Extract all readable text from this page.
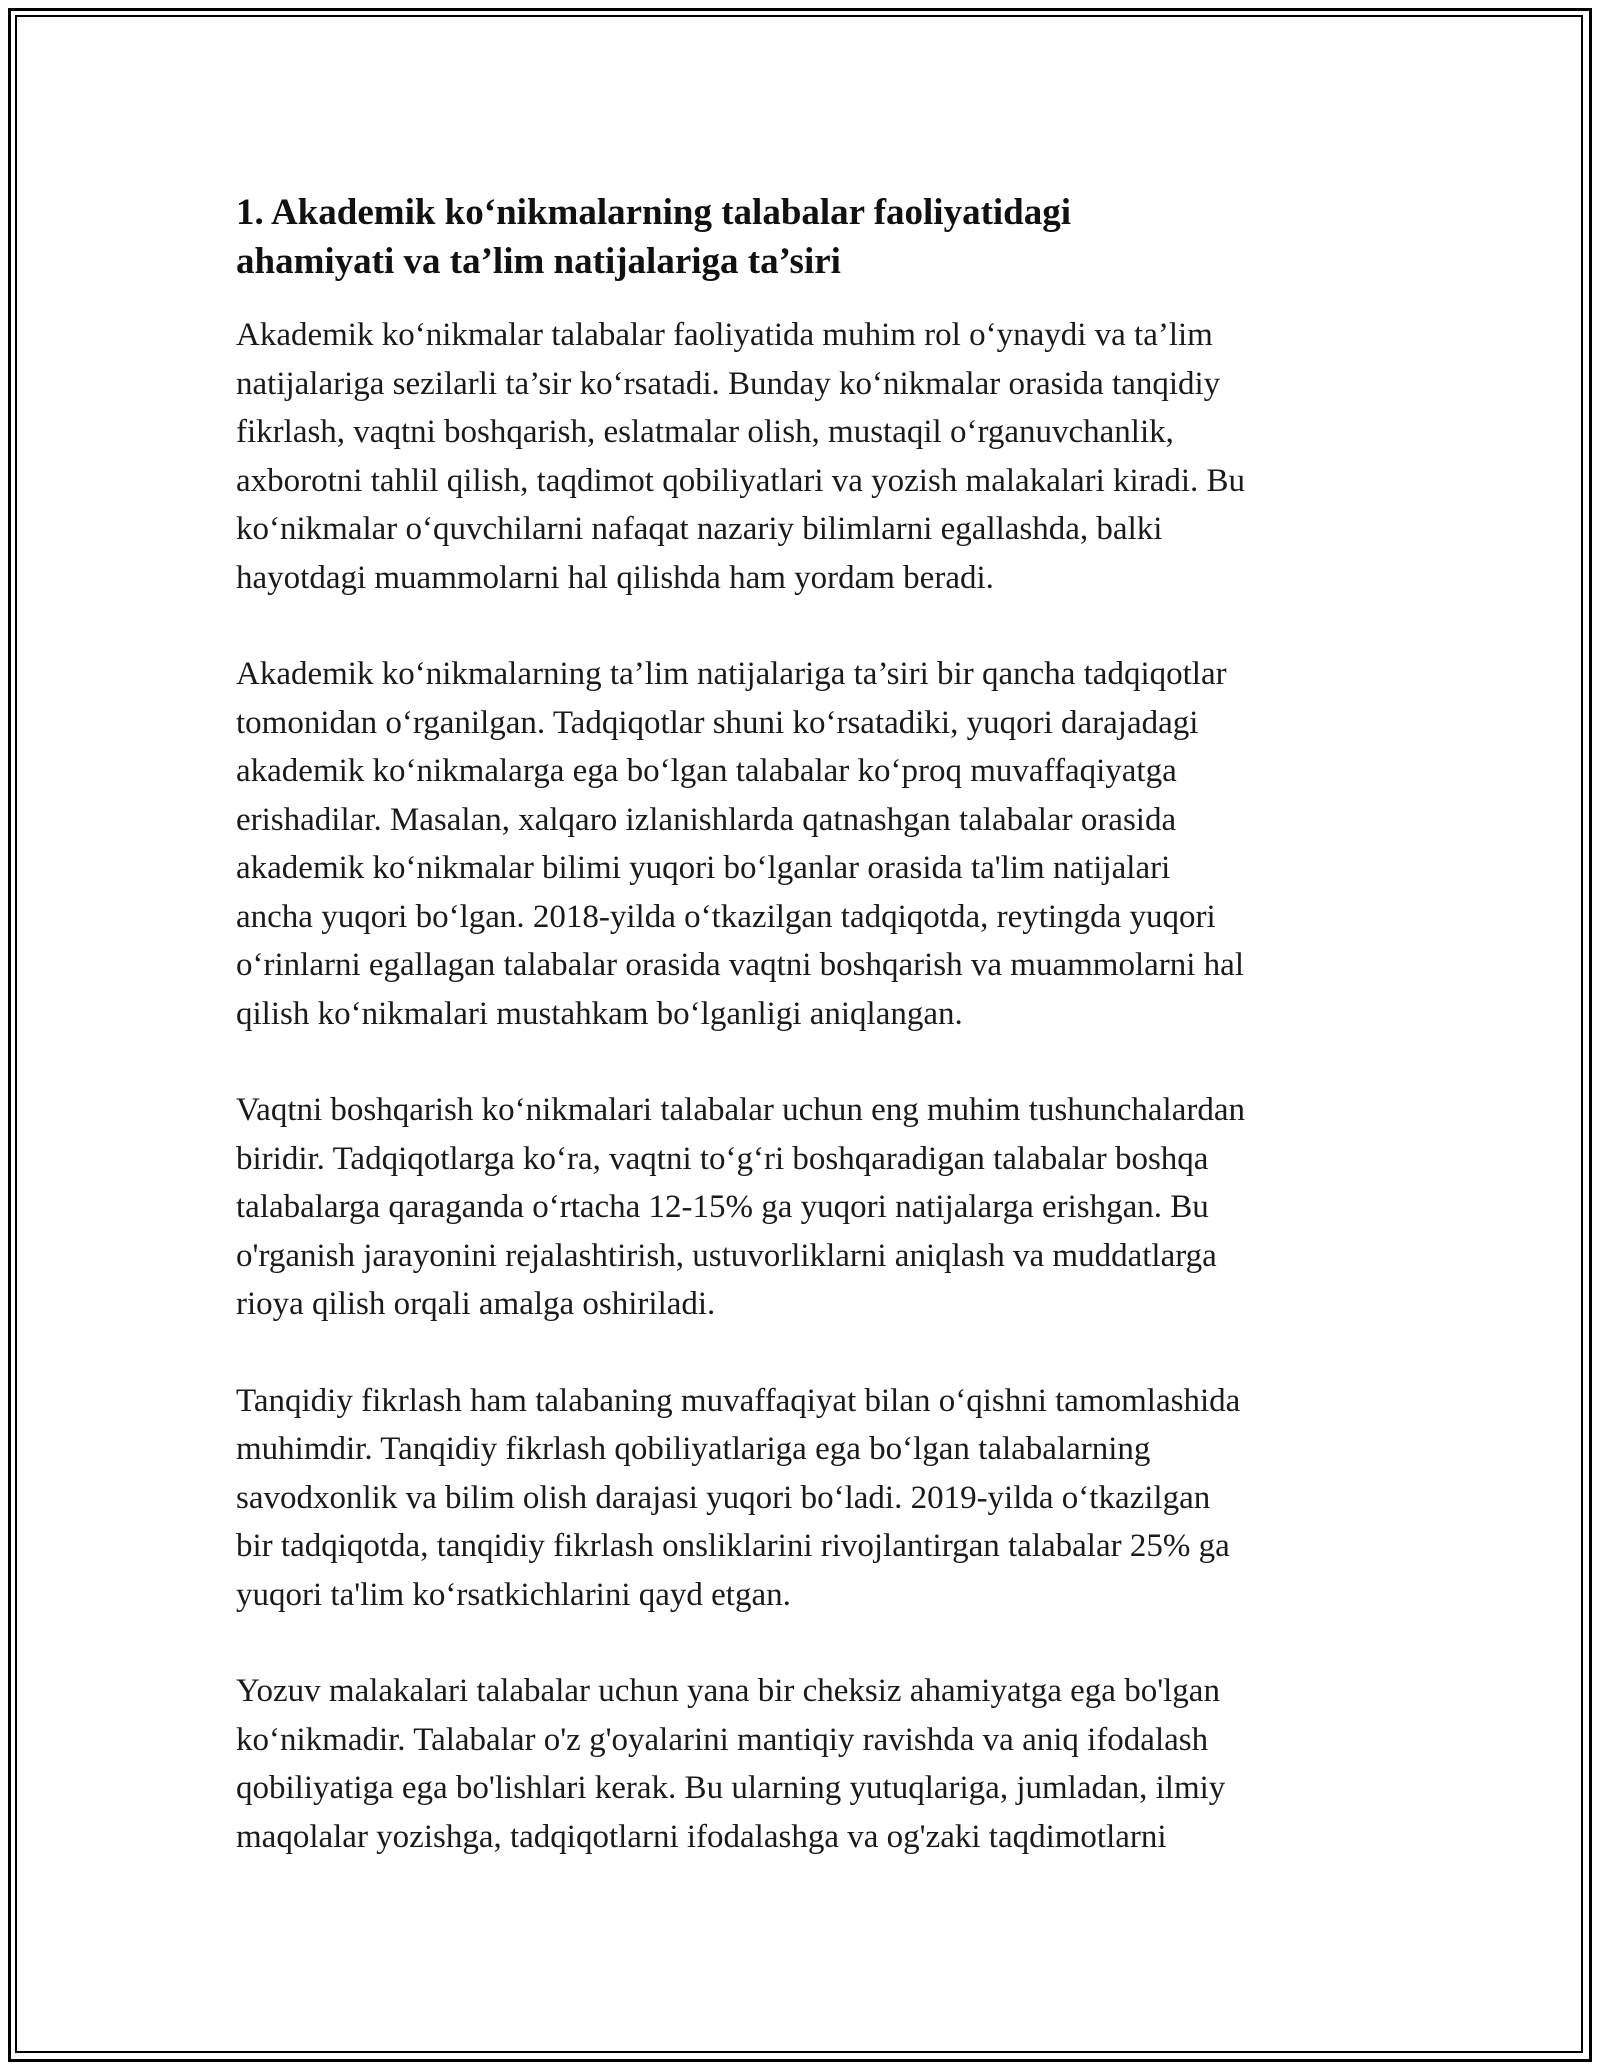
1. Akademik ko‘nikmalarning talabalar faoliyatidagi
ahamiyati va ta’lim natijalariga ta’siri

Akademik ko‘nikmalar talabalar faoliyatida muhim rol o‘ynaydi va ta’lim
natijalariga sezilarli ta’sir ko‘rsatadi. Bunday ko‘nikmalar orasida tanqidiy
fikrlash, vaqtni boshqarish, eslatmalar olish, mustaqil o‘rganuvchanlik,
axborotni tahlil qilish, taqdimot qobiliyatlari va yozish malakalari kiradi. Bu
ko‘nikmalar o‘quvchilarni nafaqat nazariy bilimlarni egallashda, balki
hayotdagi muammolarni hal qilishda ham yordam beradi.

Akademik ko‘nikmalarning ta’lim natijalariga ta’siri bir qancha tadqiqotlar
tomonidan o‘rganilgan. Tadqiqotlar shuni ko‘rsatadiki, yuqori darajadagi
akademik ko‘nikmalarga ega bo‘lgan talabalar ko‘proq muvaffaqiyatga
erishadilar. Masalan, xalqaro izlanishlarda qatnashgan talabalar orasida
akademik ko‘nikmalar bilimi yuqori bo‘lganlar orasida ta'lim natijalari
ancha yuqori bo‘lgan. 2018-yilda o‘tkazilgan tadqiqotda, reytingda yuqori
o‘rinlarni egallagan talabalar orasida vaqtni boshqarish va muammolarni hal
qilish ko‘nikmalari mustahkam bo‘lganligi aniqlangan.

Vaqtni boshqarish ko‘nikmalari talabalar uchun eng muhim tushunchalardan
biridir. Tadqiqotlarga ko‘ra, vaqtni to‘g‘ri boshqaradigan talabalar boshqa
talabalarga qaraganda o‘rtacha 12-15% ga yuqori natijalarga erishgan. Bu
o'rganish jarayonini rejalashtirish, ustuvorliklarni aniqlash va muddatlarga
rioya qilish orqali amalga oshiriladi.

Tanqidiy fikrlash ham talabaning muvaffaqiyat bilan o‘qishni tamomlashida
muhimdir. Tanqidiy fikrlash qobiliyatlariga ega bo‘lgan talabalarning
savodxonlik va bilim olish darajasi yuqori bo‘ladi. 2019-yilda o‘tkazilgan
bir tadqiqotda, tanqidiy fikrlash onsliklarini rivojlantirgan talabalar 25% ga
yuqori ta'lim ko‘rsatkichlarini qayd etgan.

Yozuv malakalari talabalar uchun yana bir cheksiz ahamiyatga ega bo'lgan
ko‘nikmadir. Talabalar o'z g'oyalarini mantiqiy ravishda va aniq ifodalash
qobiliyatiga ega bo'lishlari kerak. Bu ularning yutuqlariga, jumladan, ilmiy
maqolalar yozishga, tadqiqotlarni ifodalashga va og'zaki taqdimotlarni
